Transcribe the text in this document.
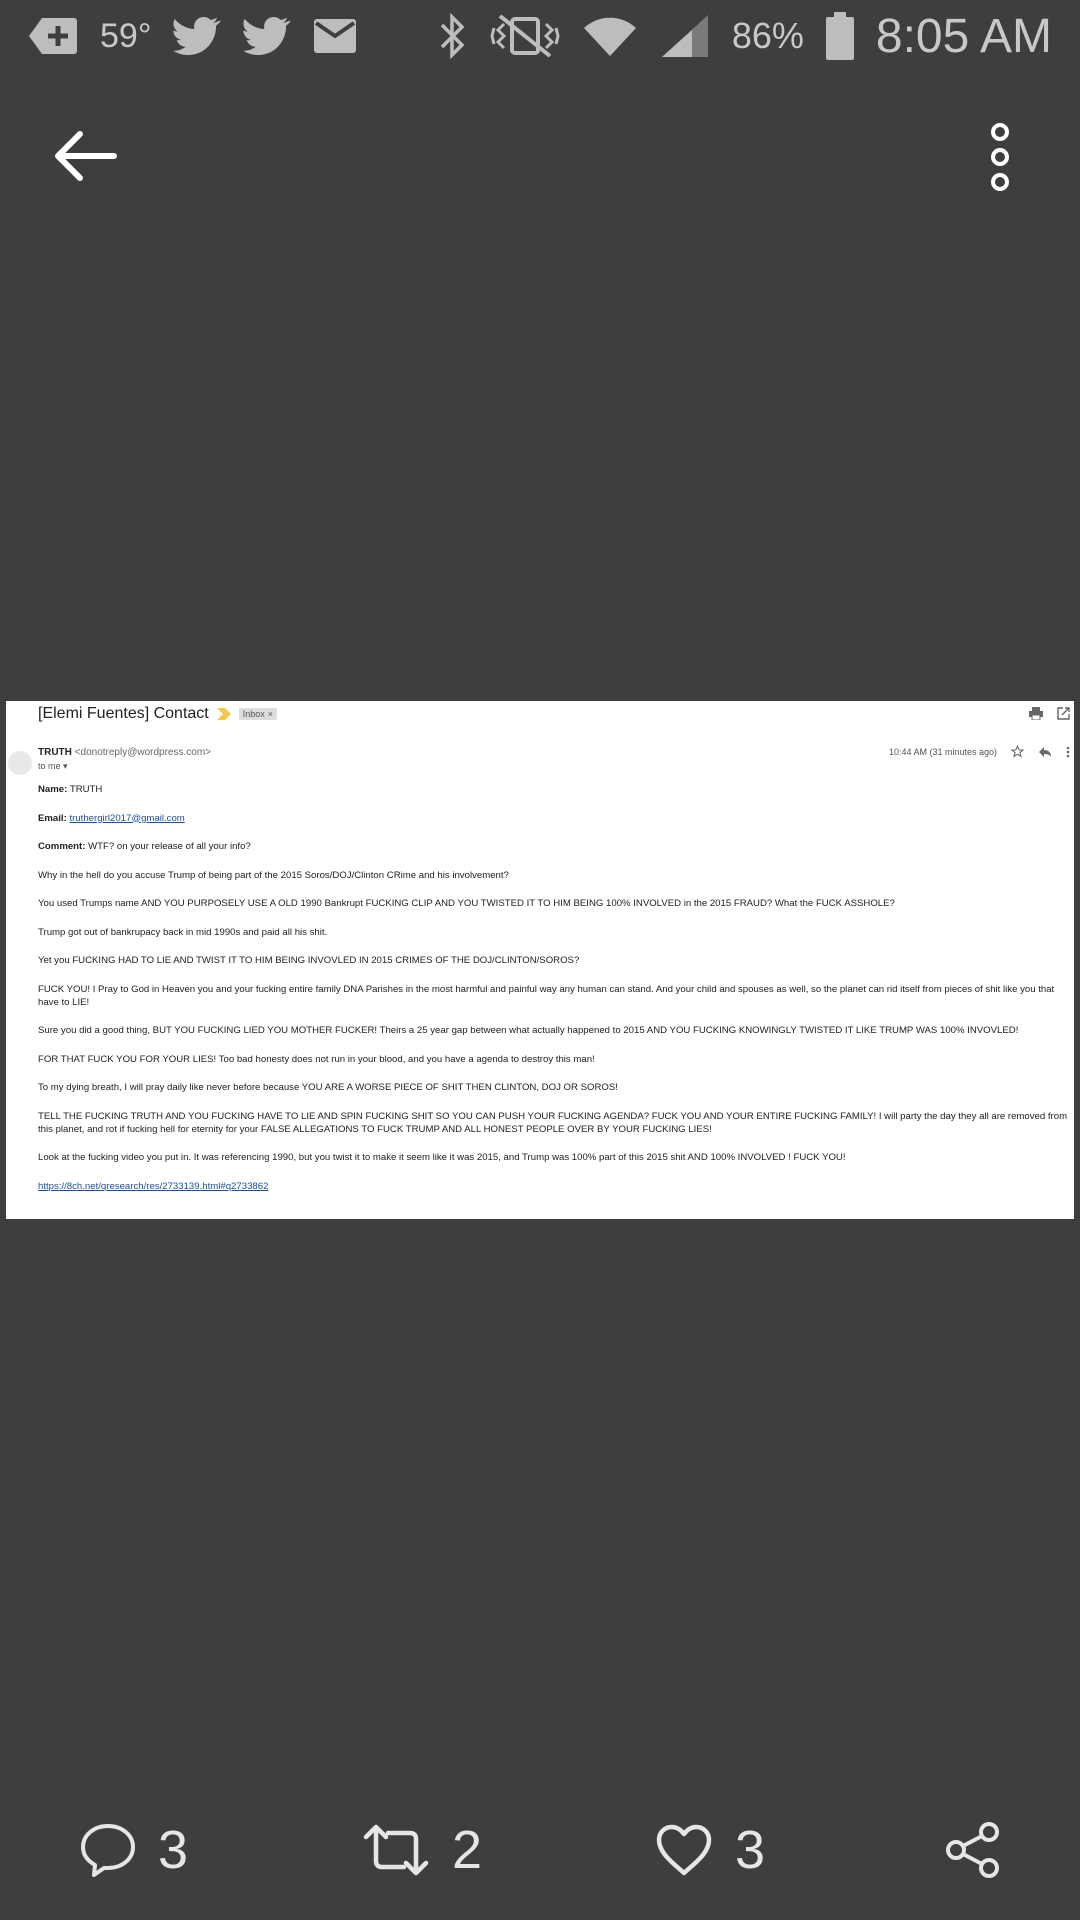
59°	86% 8:05 AM
[Elemi Fuentes] Contact	Inbox ×
TRUTH <donotreply@wordpress.com>
to me ▾
10:44 AM (31 minutes ago)

Name: TRUTH

Email: truthergirl2017@gmail.com

Comment: WTF? on your release of all your info?

Why in the hell do you accuse Trump of being part of the 2015 Soros/DOJ/Clinton CRime and his involvement?

You used Trumps name AND YOU PURPOSELY USE A OLD 1990 Bankrupt FUCKING CLIP AND YOU TWISTED IT TO HIM BEING 100% INVOLVED in the 2015 FRAUD? What the FUCK ASSHOLE?

Trump got out of bankrupacy back in mid 1990s and paid all his shit.

Yet you FUCKING HAD TO LIE AND TWIST IT TO HIM BEING INVOVLED IN 2015 CRIMES OF THE DOJ/CLINTON/SOROS?

FUCK YOU! I Pray to God in Heaven you and your fucking entire family DNA Parishes in the most harmful and painful way any human can stand. And your child and spouses as well, so the planet can rid itself from pieces of shit like you that have to LIE!

Sure you did a good thing, BUT YOU FUCKING LIED YOU MOTHER FUCKER! Theirs a 25 year gap between what actually happened to 2015 AND YOU FUCKING KNOWINGLY TWISTED IT LIKE TRUMP WAS 100% INVOVLED!

FOR THAT FUCK YOU FOR YOUR LIES! Too bad honesty does not run in your blood, and you have a agenda to destroy this man!

To my dying breath, I will pray daily like never before because YOU ARE A WORSE PIECE OF SHIT THEN CLINTON, DOJ OR SOROS!

TELL THE FUCKING TRUTH AND YOU FUCKING HAVE TO LIE AND SPIN FUCKING SHIT SO YOU CAN PUSH YOUR FUCKING AGENDA? FUCK YOU AND YOUR ENTIRE FUCKING FAMILY! I will party the day they all are removed from this planet, and rot if fucking hell for eternity for your FALSE ALLEGATIONS TO FUCK TRUMP AND ALL HONEST PEOPLE OVER BY YOUR FUCKING LIES!

Look at the fucking video you put in. It was referencing 1990, but you twist it to make it seem like it was 2015, and Trump was 100% part of this 2015 shit AND 100% INVOLVED ! FUCK YOU!

https://8ch.net/qresearch/res/2733139.html#q2733862

3	2	3
